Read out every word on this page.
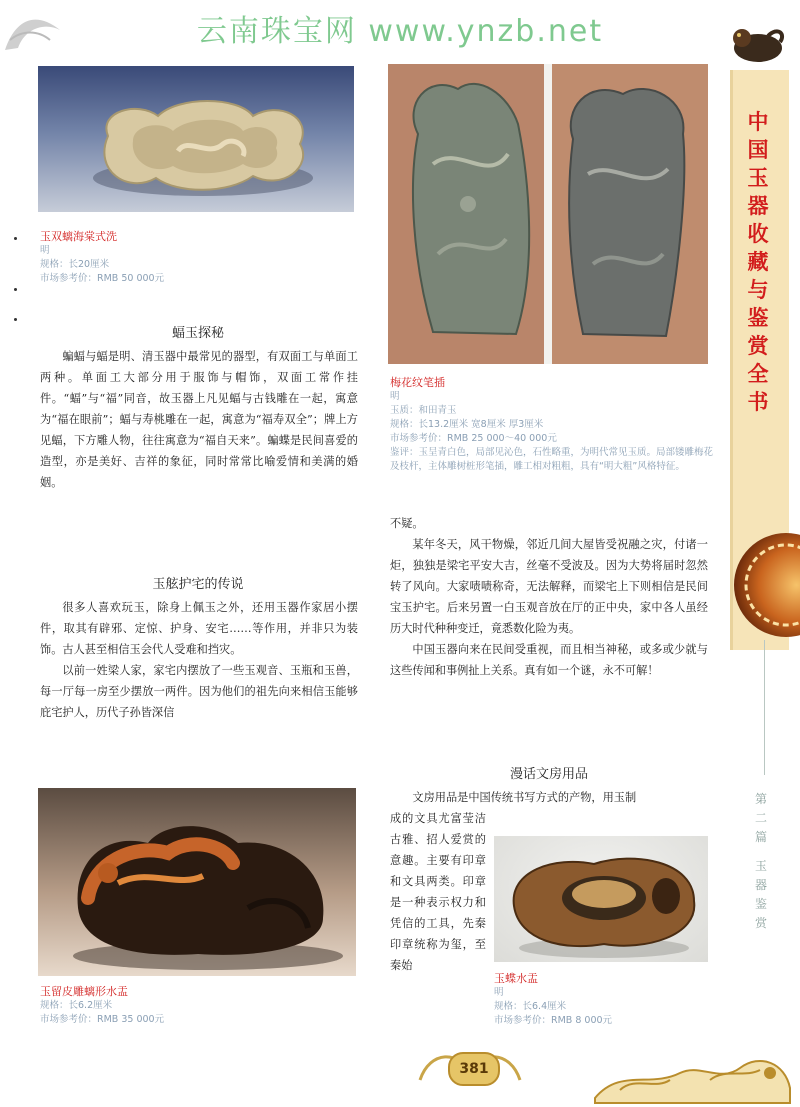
云南珠宝网 www.ynzb.net
中
国
玉
器
收
藏
与
鉴
赏
全
书
第
二
篇
玉
器
鉴
赏
玉双螭海棠式洗
明
规格：长20厘米
市场参考价：RMB 50 000元
蝠玉探秘

蝙蝠与蝠是明、清玉器中最常见的器型，有双面工与单面工两种。单面工大部分用于服饰与帽饰，双面工常作挂件。“蝠”与“福”同音，故玉器上凡见蝠与古钱雕在一起，寓意为“福在眼前”；蝠与寿桃雕在一起，寓意为“福寿双全”；牌上方见蝠，下方雕人物，往往寓意为“福自天来”。蝙蝶是民间喜爱的造型，亦是美好、吉祥的象征，同时常常比喻爱情和美满的婚姻。

玉舷护宅的传说

很多人喜欢玩玉，除身上佩玉之外，还用玉器作家居小摆件，取其有辟邪、定惊、护身、安宅……等作用，并非只为装饰。古人甚至相信玉会代人受难和挡灾。

以前一姓梁人家，家宅内摆放了一些玉观音、玉瓶和玉兽，每一厅每一房至少摆放一两件。因为他们的祖先向来相信玉能够庇宅护人，历代子孙皆深信

梅花纹笔插
明
玉质：和田青玉
规格：长13.2厘米 宽8厘米 厚3厘米
市场参考价：RMB 25 000～40 000元
鉴评：玉呈青白色，局部见沁色，石性略重，为明代常见玉质。局部镂雕梅花及枝杆，主体雕树桩形笔插，雕工相对粗粗，具有“明大粗”风格特征。

不疑。

某年冬天，风干物燥，邻近几间大屋皆受祝融之灾，付诸一炬，独独是梁宅平安大吉，丝毫不受波及。因为大势将届时忽然转了风向。大家啧啧称奇，无法解释，而梁宅上下则相信是民间宝玉护宅。后来另置一白玉观音放在厅的正中央，家中各人虽经历大时代种种变迁，竟悉数化险为夷。

中国玉器向来在民间受重视，而且相当神秘，或多或少就与这些传闻和事例扯上关系。真有如一个谜，永不可解！

漫话文房用品

文房用品是中国传统书写方式的产物，用玉制

成的文具尤富莹洁古雅、招人爱赏的意趣。主要有印章和文具两类。印章是一种表示权力和凭信的工具，先秦印章统称为玺，至秦始

玉蝶水盂
明
规格：长6.4厘米
市场参考价：RMB 8 000元
玉留皮雕螭形水盂
规格：长6.2厘米
市场参考价：RMB 35 000元
381
